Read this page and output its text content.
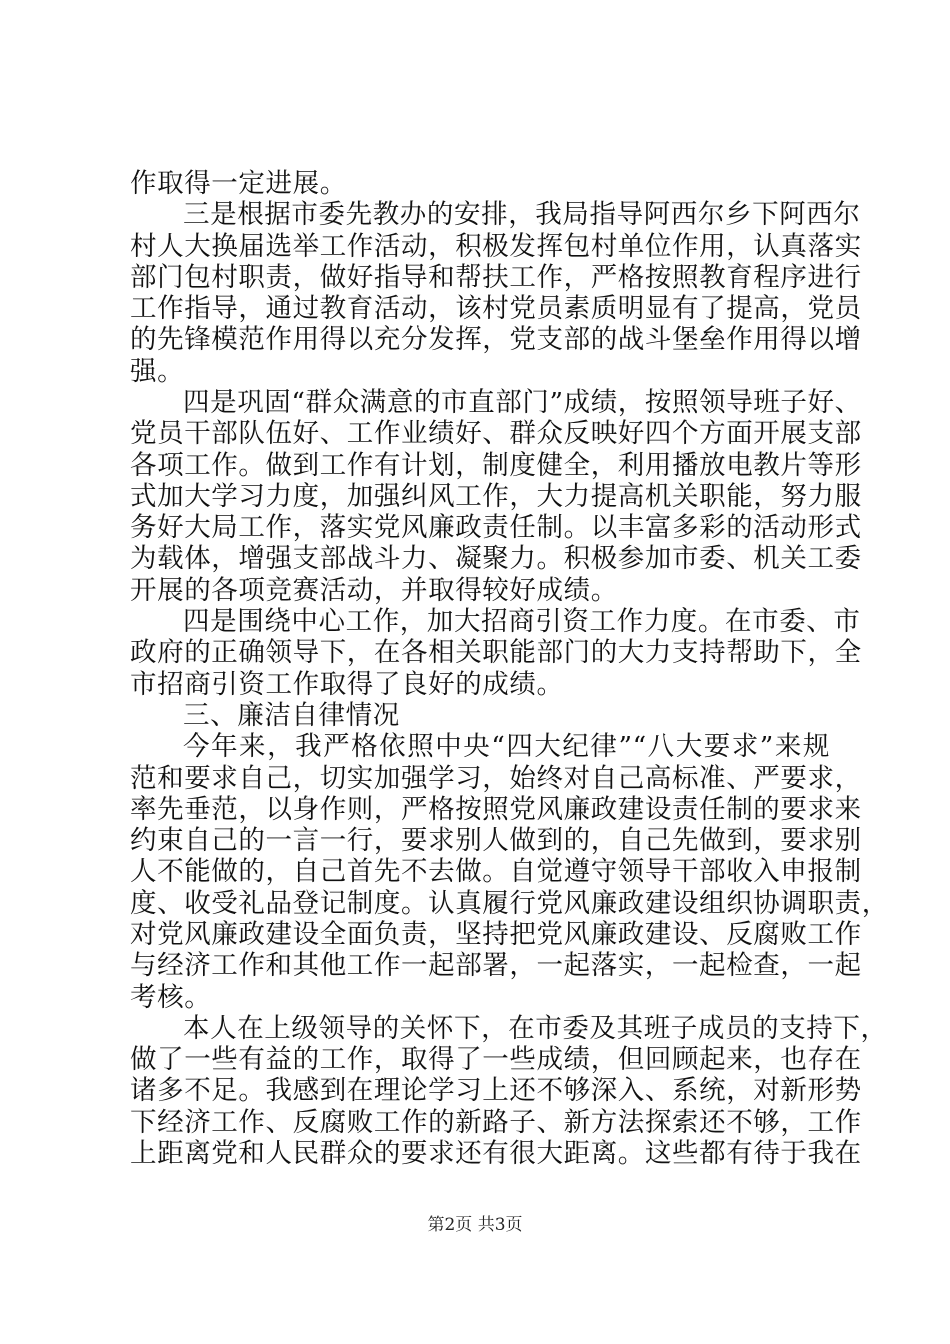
作取得一定进展。
三是根据市委先教办的安排，我局指导阿西尔乡下阿西尔
村人大换届选举工作活动，积极发挥包村单位作用，认真落实
部门包村职责，做好指导和帮扶工作，严格按照教育程序进行
工作指导，通过教育活动，该村党员素质明显有了提高，党员
的先锋模范作用得以充分发挥，党支部的战斗堡垒作用得以增
强。
四是巩固“群众满意的市直部门”成绩，按照领导班子好、
党员干部队伍好、工作业绩好、群众反映好四个方面开展支部
各项工作。做到工作有计划，制度健全，利用播放电教片等形
式加大学习力度，加强纠风工作，大力提高机关职能，努力服
务好大局工作，落实党风廉政责任制。以丰富多彩的活动形式
为载体，增强支部战斗力、凝聚力。积极参加市委、机关工委
开展的各项竞赛活动，并取得较好成绩。
四是围绕中心工作，加大招商引资工作力度。在市委、市
政府的正确领导下，在各相关职能部门的大力支持帮助下，全
市招商引资工作取得了良好的成绩。
三、廉洁自律情况
今年来，我严格依照中央“四大纪律”“八大要求”来规
范和要求自己，切实加强学习，始终对自己高标准、严要求，
率先垂范，以身作则，严格按照党风廉政建设责任制的要求来
约束自己的一言一行，要求别人做到的，自己先做到，要求别
人不能做的，自己首先不去做。自觉遵守领导干部收入申报制
度、收受礼品登记制度。认真履行党风廉政建设组织协调职责，
对党风廉政建设全面负责，坚持把党风廉政建设、反腐败工作
与经济工作和其他工作一起部署，一起落实，一起检查，一起
考核。
本人在上级领导的关怀下，在市委及其班子成员的支持下，
做了一些有益的工作，取得了一些成绩，但回顾起来，也存在
诸多不足。我感到在理论学习上还不够深入、系统，对新形势
下经济工作、反腐败工作的新路子、新方法探索还不够，工作
上距离党和人民群众的要求还有很大距离。这些都有待于我在
第2页 共3页
